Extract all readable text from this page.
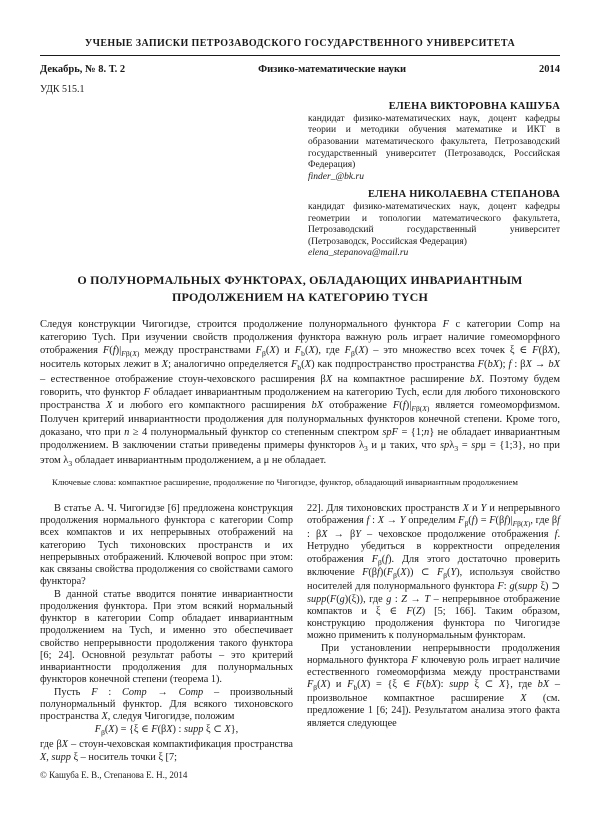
УЧЕНЫЕ ЗАПИСКИ ПЕТРОЗАВОДСКОГО ГОСУДАРСТВЕННОГО УНИВЕРСИТЕТА
Декабрь, № 8. Т. 2	Физико-математические науки	2014
УДК 515.1
ЕЛЕНА ВИКТОРОВНА КАШУБА
кандидат физико-математических наук, доцент кафедры теории и методики обучения математике и ИКТ в образовании математического факультета, Петрозаводский государственный университет (Петрозаводск, Российская Федерация)
finder_@bk.ru
ЕЛЕНА НИКОЛАЕВНА СТЕПАНОВА
кандидат физико-математических наук, доцент кафедры геометрии и топологии математического факультета, Петрозаводский государственный университет (Петрозаводск, Российская Федерация)
elena_stepanova@mail.ru
О ПОЛУНОРМАЛЬНЫХ ФУНКТОРАХ, ОБЛАДАЮЩИХ ИНВАРИАНТНЫМ
ПРОДОЛЖЕНИЕМ НА КАТЕГОРИЮ TYCH
Следуя конструкции Чигогидзе, строится продолжение полунормального функтора F с категории Comp на категорию Tych. При изучении свойств продолжения функтора важную роль играет наличие гомеоморфного отображения $F(f)|_{F\beta(X)}$ между пространствами $F_\beta(X)$ и $F_b(X)$, где $F_\beta(X)$ – это множество всех точек ξ ∈ F(βX), носитель которых лежит в X; аналогично определяется $F_b(X)$ как подпространство пространства F(bX); f : βX → bX – естественное отображение стоун-чеховского расширения βX на компактное расширение bX. Поэтому будем говорить, что функтор F обладает инвариантным продолжением на категорию Tych, если для любого тихоновского пространства X и любого его компактного расширения bX отображение $F(f)|_{F\beta(X)}$ является гомеоморфизмом. Получен критерий инвариантности продолжения для полунормальных функторов конечной степени. Кроме того, доказано, что при n ≥ 4 полунормальный функтор со степенным спектром spF = {1;n} не обладает инвариантным продолжением. В заключении статьи приведены примеры функторов $\lambda_3$ и μ таких, что spλ$_3$ = spμ = {1;3}, но при этом $\lambda_3$ обладает инвариантным продолжением, а μ не обладает.
Ключевые слова: компактное расширение, продолжение по Чигогидзе, функтор, обладающий инвариантным продолжением

В статье А. Ч. Чигогидзе [6] предложена конструкция продолжения нормального функтора с категории Comp всех компактов и их непрерывных отображений на категорию Tych тихоновских пространств и их непрерывных отображений. Ключевой вопрос при этом: как связаны свойства продолжения со свойствами самого функтора?

В данной статье вводится понятие инвариантности продолжения функтора. При этом всякий нормальный функтор в категории Comp обладает инвариантным продолжением на Tych, и именно это обеспечивает свойство непрерывности продолжения такого функтора [6; 24]. Основной результат работы – это критерий инвариантности продолжения для полунормальных функторов конечной степени (теорема 1).

Пусть F : Comp → Comp – произвольный полунормальный функтор. Для всякого тихоновского пространства X, следуя Чигогидзе, положим

$F_\beta(X) = \{\xi$ ∈ F(βX) : supp ξ ⊂ X},

где βX – стоун-чеховская компактификация пространства X, supp ξ – носитель точки ξ [7;

22]. Для тихоновских пространств X и Y и непрерывного отображения f : X → Y определим $F_\beta(f) = F(\beta f)|_{F\beta(X)}$, где βf : βX → βY – чеховское продолжение отображения f. Нетрудно убедиться в корректности определения отображения $F_\beta(f)$. Для этого достаточно проверить включение $F(\beta f)(F_\beta(X))$ ⊂ $F_\beta(Y)$, используя свойство носителей для полунормального функтора F: g(supp ξ) ⊃ supp(F(g)(ξ)), где g : Z → T – непрерывное отображение компактов и ξ ∈ F(Z) [5; 166]. Таким образом, конструкцию продолжения функтора по Чигогидзе можно применить к полунормальным функторам.

При установлении непрерывности продолжения нормального функтора F ключевую роль играет наличие естественного гомеоморфизма между пространствами $F_\beta(X)$ и $F_b(X) = \{\xi$ ∈ F(bX): supp ξ ⊂ X}, где bX – произвольное компактное расширение X (см. предложение 1 [6; 24]). Результатом анализа этого факта является следующее

© Кашуба Е. В., Степанова Е. Н., 2014
